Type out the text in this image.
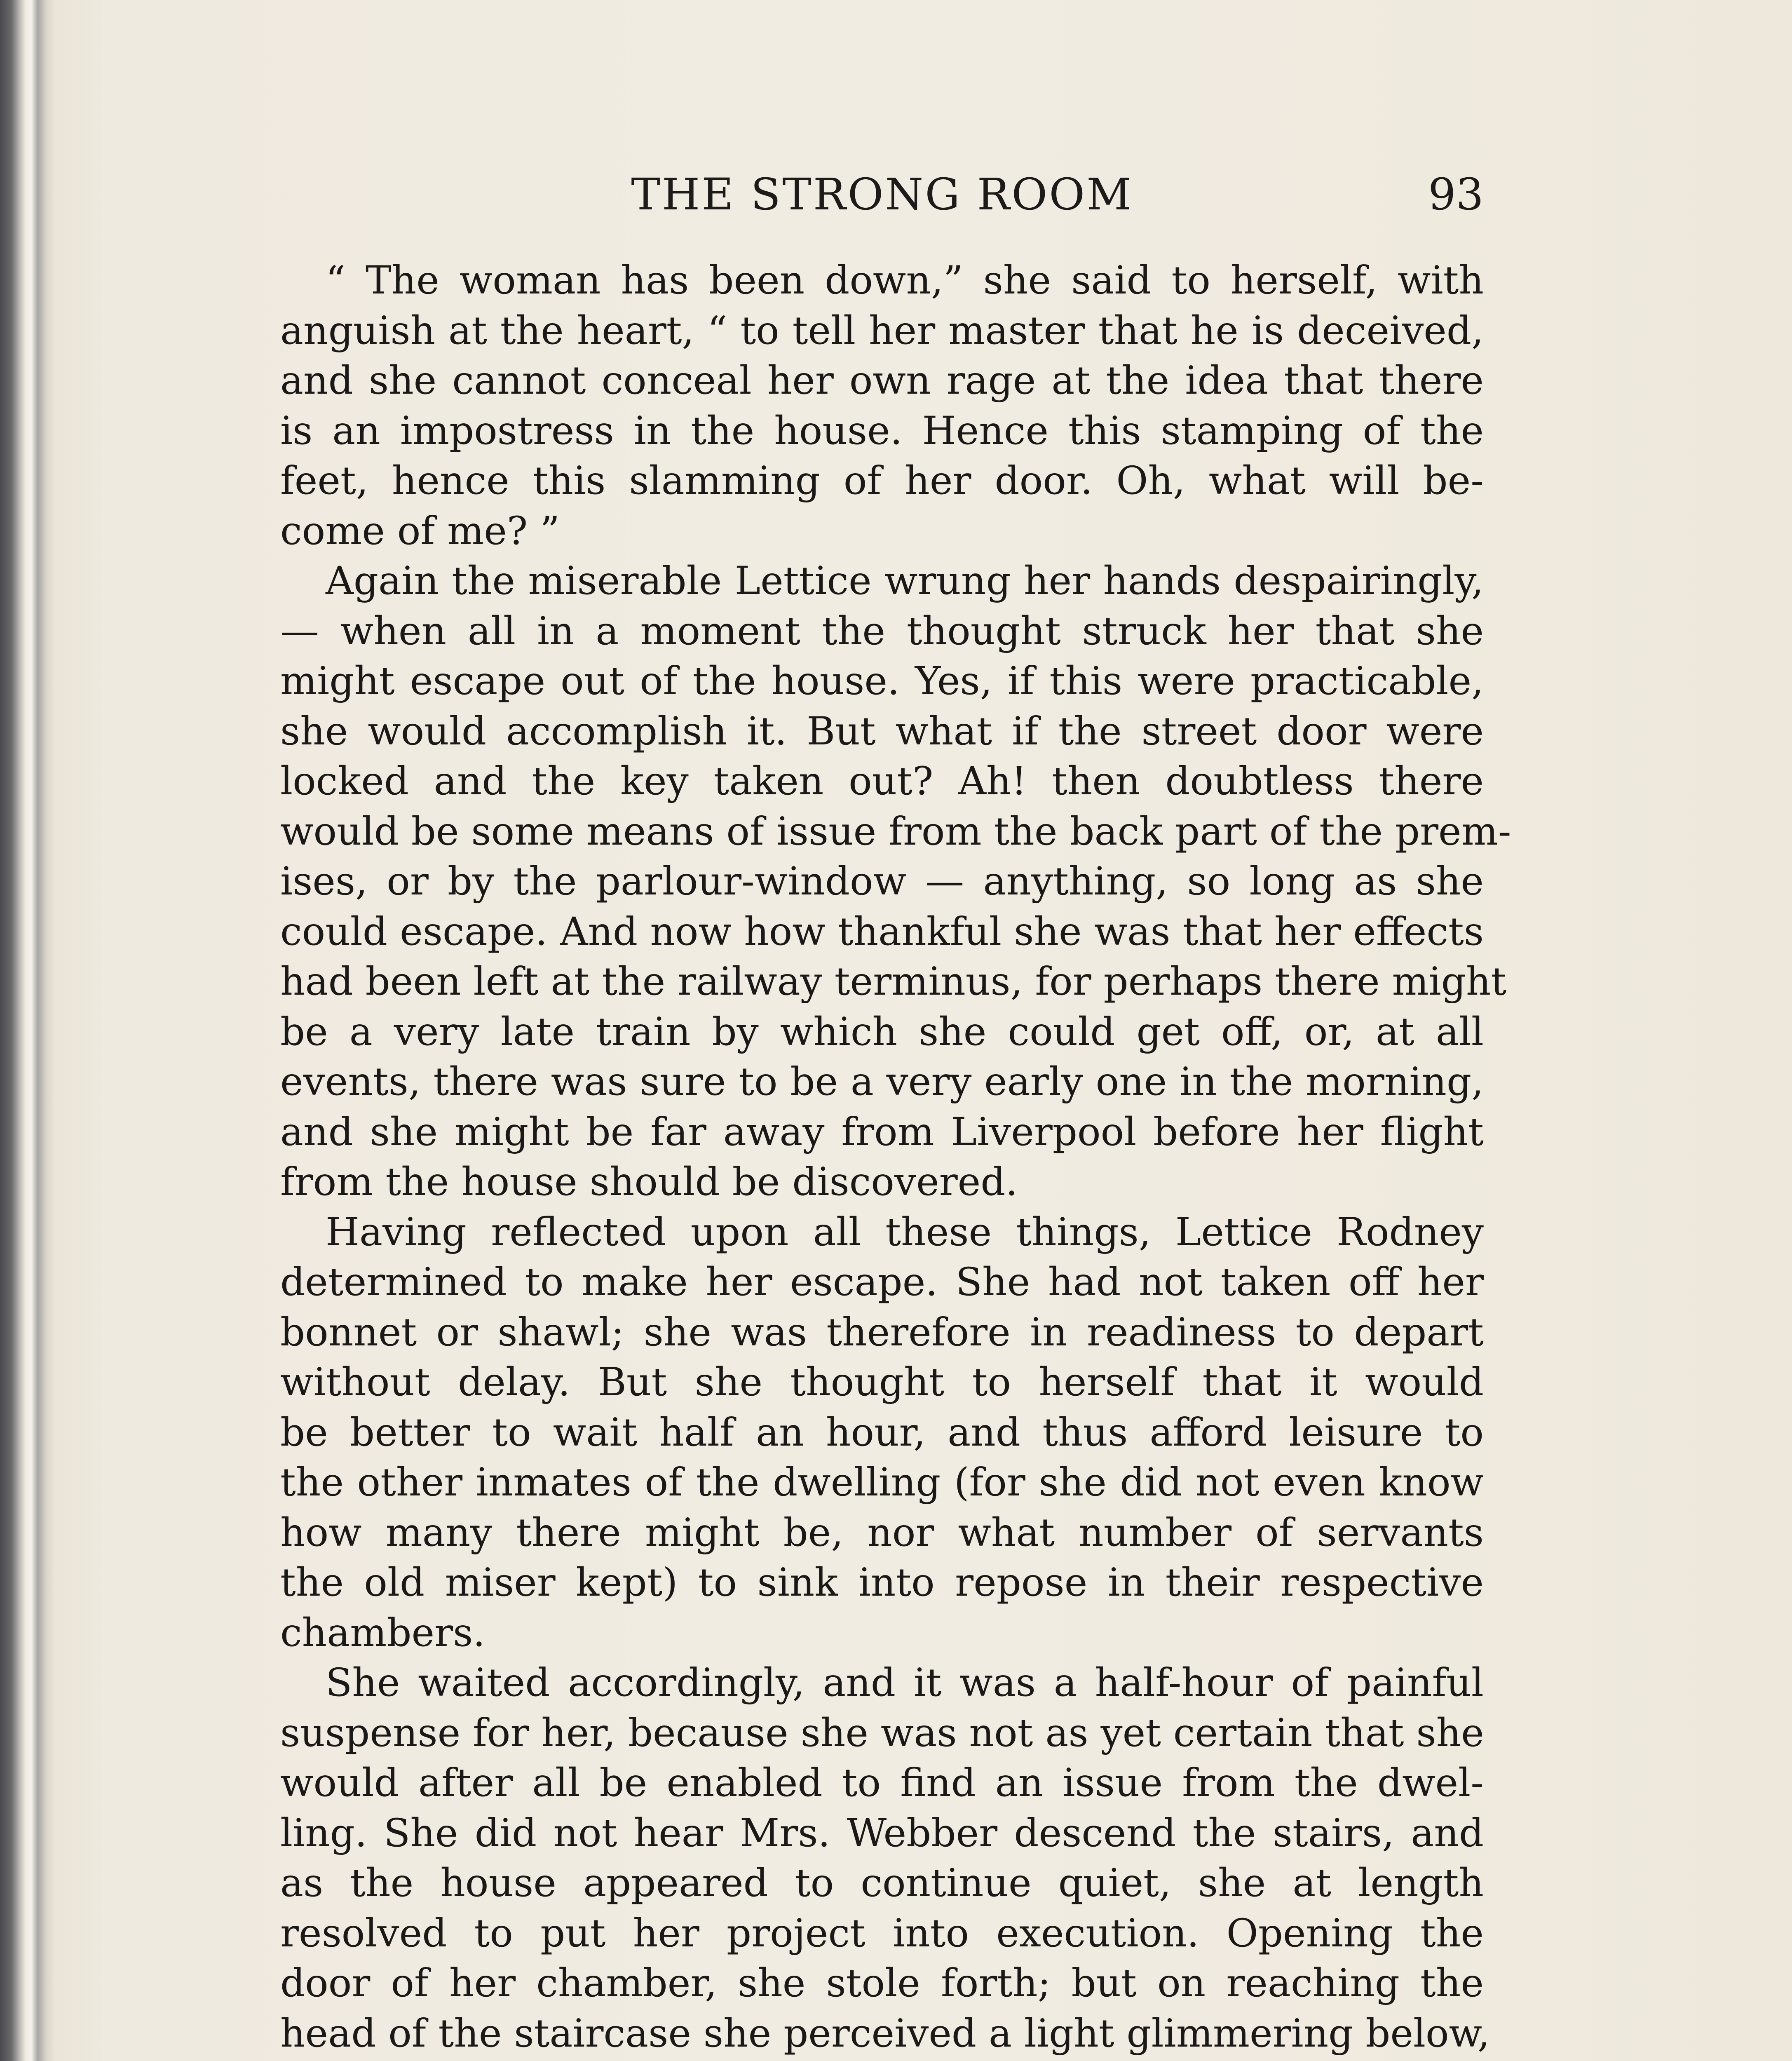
THE STRONG ROOM	93
“ The woman has been down,” she said to herself, with
anguish at the heart, “ to tell her master that he is deceived,
and she cannot conceal her own rage at the idea that there
is an impostress in the house. Hence this stamping of the
feet, hence this slamming of her door. Oh, what will be-
come of me? ”
Again the miserable Lettice wrung her hands despairingly,
— when all in a moment the thought struck her that she
might escape out of the house. Yes, if this were practicable,
she would accomplish it. But what if the street door were
locked and the key taken out? Ah! then doubtless there
would be some means of issue from the back part of the prem-
ises, or by the parlour-window — anything, so long as she
could escape. And now how thankful she was that her effects
had been left at the railway terminus, for perhaps there might
be a very late train by which she could get off, or, at all
events, there was sure to be a very early one in the morning,
and she might be far away from Liverpool before her flight
from the house should be discovered.
Having reflected upon all these things, Lettice Rodney
determined to make her escape. She had not taken off her
bonnet or shawl; she was therefore in readiness to depart
without delay. But she thought to herself that it would
be better to wait half an hour, and thus afford leisure to
the other inmates of the dwelling (for she did not even know
how many there might be, nor what number of servants
the old miser kept) to sink into repose in their respective
chambers.
She waited accordingly, and it was a half-hour of painful
suspense for her, because she was not as yet certain that she
would after all be enabled to find an issue from the dwel-
ling. She did not hear Mrs. Webber descend the stairs, and
as the house appeared to continue quiet, she at length
resolved to put her project into execution. Opening the
door of her chamber, she stole forth; but on reaching the
head of the staircase she perceived a light glimmering below,
